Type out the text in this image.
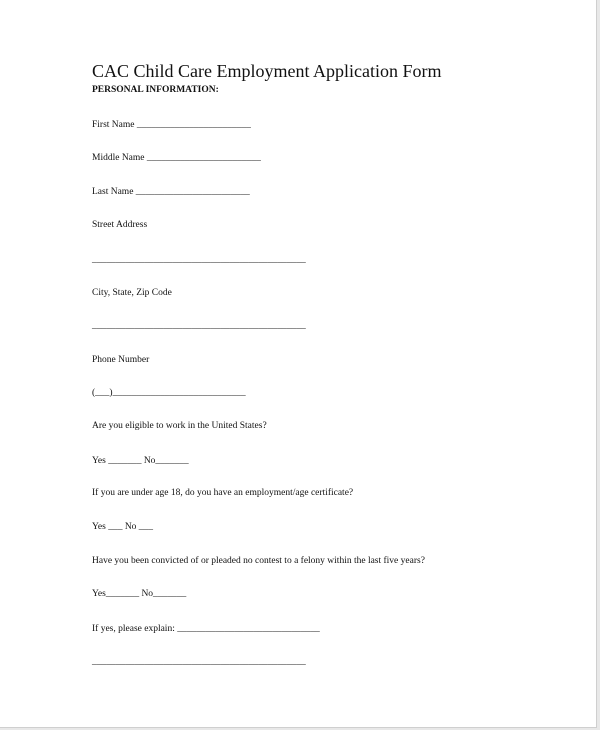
CAC Child Care Employment Application Form
PERSONAL INFORMATION:
First Name ________________________
Middle Name ________________________
Last Name ________________________
Street Address
_____________________________________________
City, State, Zip Code
_____________________________________________
Phone Number
(___)____________________________
Are you eligible to work in the United States?
Yes _______ No_______
If you are under age 18, do you have an employment/age certificate?
Yes ___ No ___
Have you been convicted of or pleaded no contest to a felony within the last five years?
Yes_______ No_______
If yes, please explain: ______________________________
_____________________________________________
